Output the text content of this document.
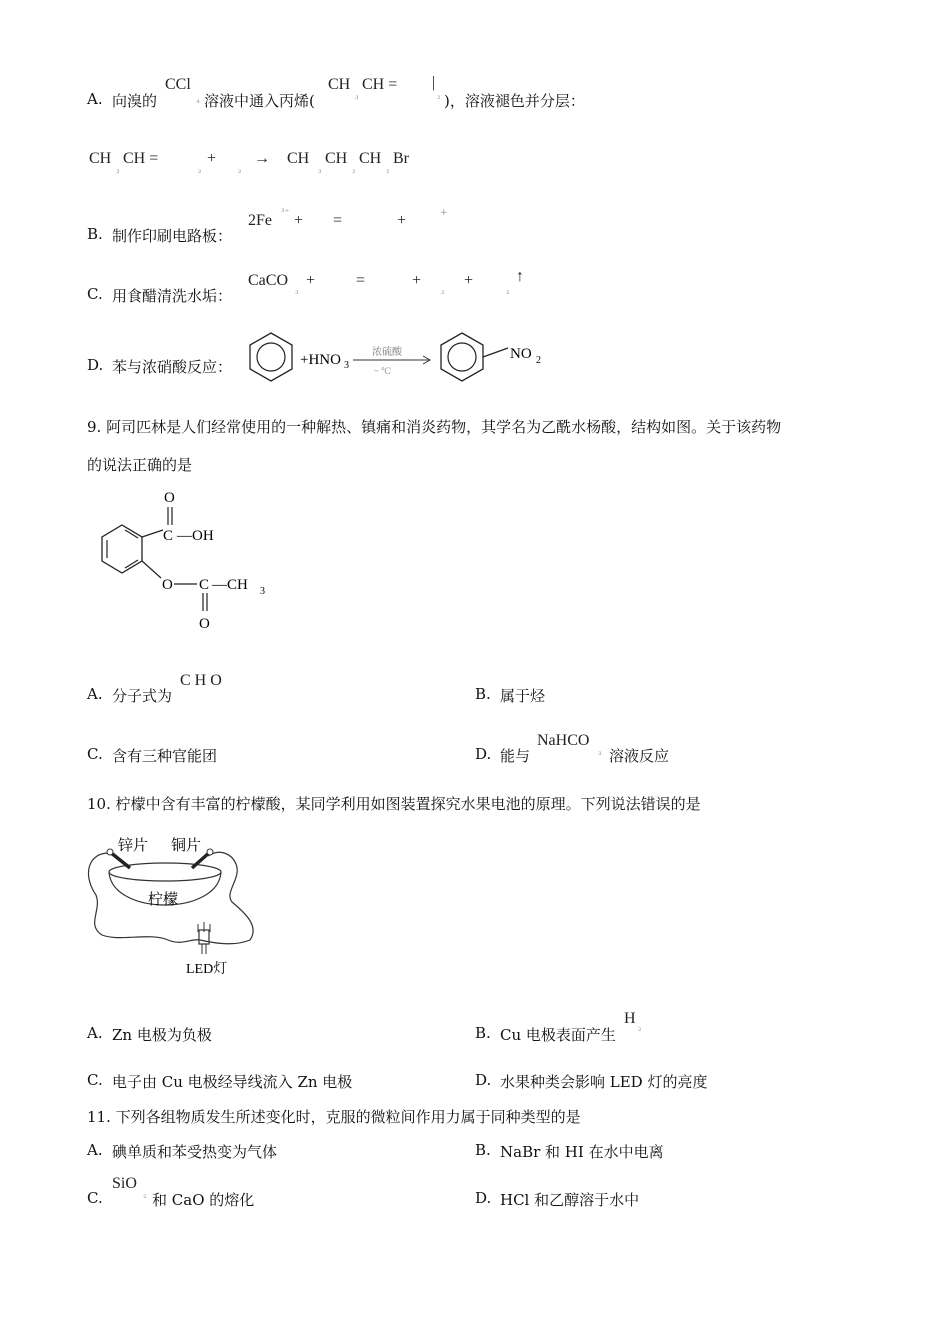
A. 向溴的
CCl
₄ 溶液中通入丙烯(
CH
₃
CH = |
₂ )，溶液褪色并分层：
CH
₃
CH =
₂
+
₂
→ CH
₃
CH
₂
CH
₂
Br
B. 制作印刷电路板：
2Fe ³⁺ + =	+	+
C. 用食醋清洗水垢：
CaCO
₃
+	=	+
₂
+
₂
↑
D. 苯与浓硝酸反应：	+HNO 3
浓硫酸
~ ℃
NO 2
9. 阿司匹林是人们经常使用的一种解热、镇痛和消炎药物，其学名为乙酰水杨酸，结构如图。关于该药物
的说法正确的是
C
O
—OH
O C
O
—CH 3
A. 分子式为
C H O
B. 属于烃
C. 含有三种官能团	D. 能与
NaHCO
₃ 溶液反应
10. 柠檬中含有丰富的柠檬酸，某同学利用如图装置探究水果电池的原理。下列说法错误的是
锌片 铜片
柠檬
LED灯
A. Zn 电极为负极	B. Cu 电极表面产生
H
₂
C. 电子由 Cu 电极经导线流入 Zn 电极	D. 水果种类会影响 LED 灯的亮度
11. 下列各组物质发生所述变化时，克服的微粒间作用力属于同种类型的是
A. 碘单质和苯受热变为气体	B. NaBr 和 HI 在水中电离
C.
SiO
₂ 和 CaO 的熔化	D. HCl 和乙醇溶于水中
